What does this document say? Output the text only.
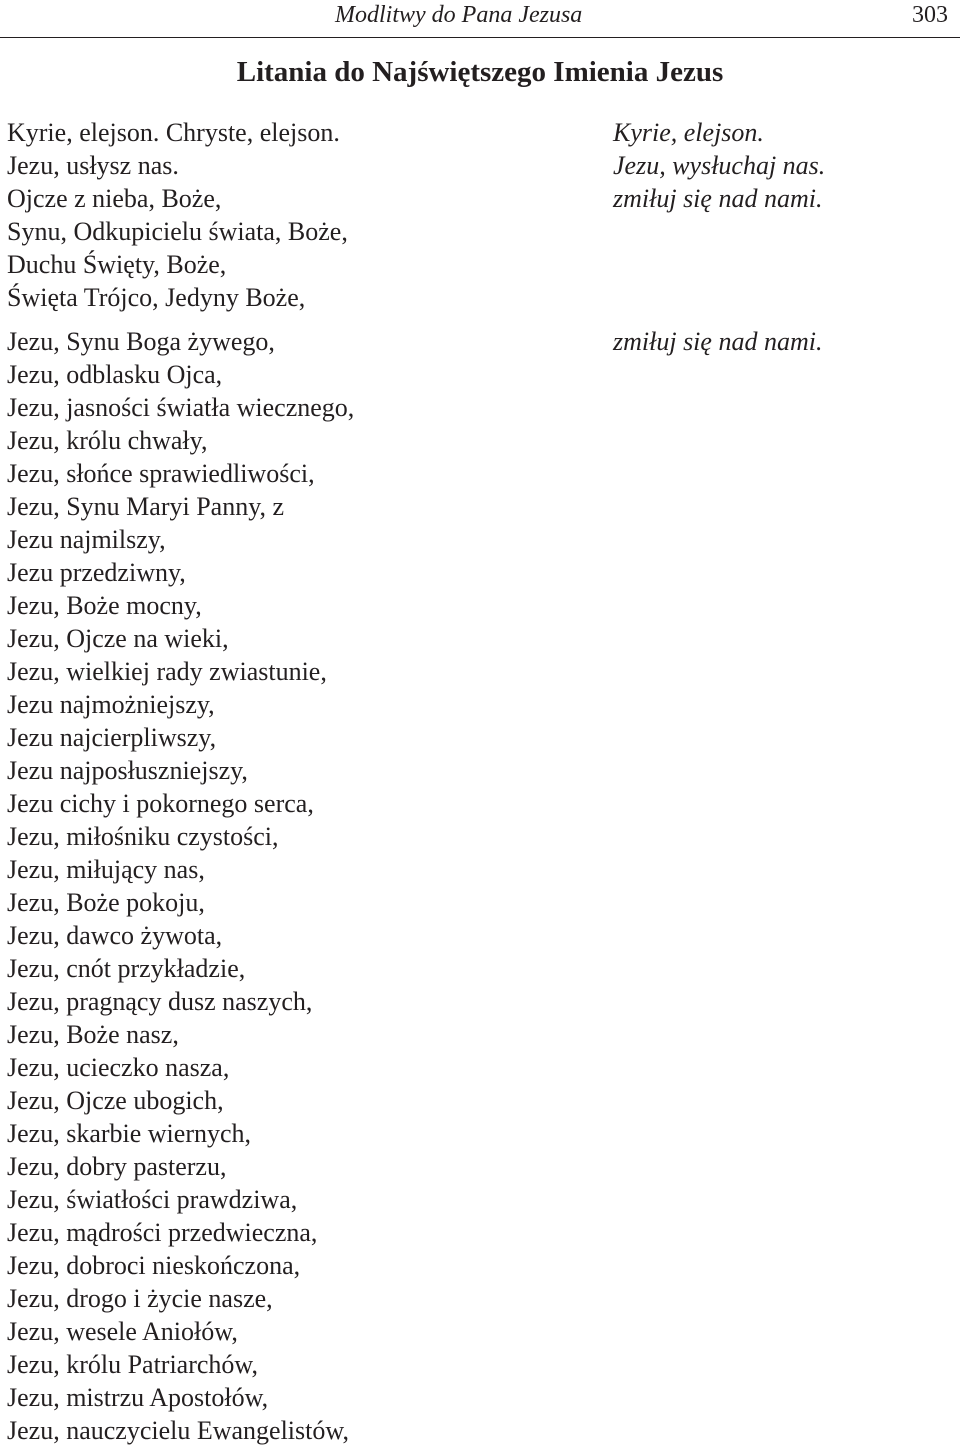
Modlitwy do Pana Jezusa	303
Litania do Najświętszego Imienia Jezus
Kyrie, elejson. Chryste, elejson.
Jezu, usłysz nas.
Ojcze z nieba, Boże,
Synu, Odkupicielu świata, Boże,
Duchu Święty, Boże,
Święta Trójco, Jedyny Boże,
Jezu, Synu Boga żywego,
Jezu, odblasku Ojca,
Jezu, jasności światła wiecznego,
Jezu, królu chwały,
Jezu, słońce sprawiedliwości,
Jezu, Synu Maryi Panny, z
Jezu najmilszy,
Jezu przedziwny,
Jezu, Boże mocny,
Jezu, Ojcze na wieki,
Jezu, wielkiej rady zwiastunie,
Jezu najmożniejszy,
Jezu najcierpliwszy,
Jezu najposłuszniejszy,
Jezu cichy i pokornego serca,
Jezu, miłośniku czystości,
Jezu, miłujący nas,
Jezu, Boże pokoju,
Jezu, dawco żywota,
Jezu, cnót przykładzie,
Jezu, pragnący dusz naszych,
Jezu, Boże nasz,
Jezu, ucieczko nasza,
Jezu, Ojcze ubogich,
Jezu, skarbie wiernych,
Jezu, dobry pasterzu,
Jezu, światłości prawdziwa,
Jezu, mądrości przedwieczna,
Jezu, dobroci nieskończona,
Jezu, drogo i życie nasze,
Jezu, wesele Aniołów,
Jezu, królu Patriarchów,
Jezu, mistrzu Apostołów,
Jezu, nauczycielu Ewangelistów,
Kyrie, elejson.
Jezu, wysłuchaj nas.
zmiłuj się nad nami.
zmiłuj się nad nami.
